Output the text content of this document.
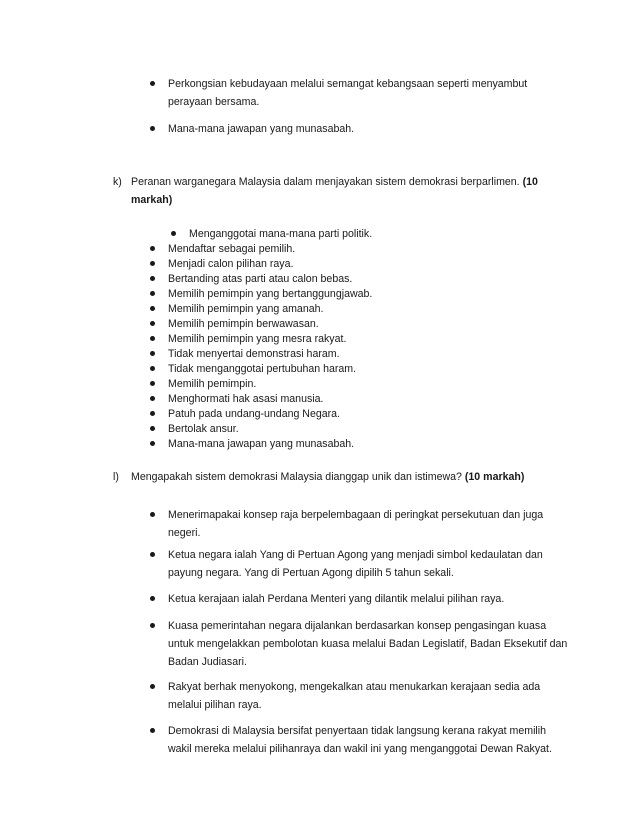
Perkongsian kebudayaan melalui semangat kebangsaan seperti menyambut
perayaan bersama.
Mana-mana jawapan yang munasabah.
k) Peranan warganegara Malaysia dalam menjayakan sistem demokrasi berparlimen. (10
markah)
Menganggotai mana-mana parti politik.
Mendaftar sebagai pemilih.
Menjadi calon pilihan raya.
Bertanding atas parti atau calon bebas.
Memilih pemimpin yang bertanggungjawab.
Memilih pemimpin yang amanah.
Memilih pemimpin berwawasan.
Memilih pemimpin yang mesra rakyat.
Tidak menyertai demonstrasi haram.
Tidak menganggotai pertubuhan haram.
Memilih pemimpin.
Menghormati hak asasi manusia.
Patuh pada undang-undang Negara.
Bertolak ansur.
Mana-mana jawapan yang munasabah.
l) Mengapakah sistem demokrasi Malaysia dianggap unik dan istimewa? (10 markah)
Menerimapakai konsep raja berpelembagaan di peringkat persekutuan dan juga
negeri.
Ketua negara ialah Yang di Pertuan Agong yang menjadi simbol kedaulatan dan
payung negara. Yang di Pertuan Agong dipilih 5 tahun sekali.
Ketua kerajaan ialah Perdana Menteri yang dilantik melalui pilihan raya.
Kuasa pemerintahan negara dijalankan berdasarkan konsep pengasingan kuasa
untuk mengelakkan pembolotan kuasa melalui Badan Legislatif, Badan Eksekutif dan
Badan Judiasari.
Rakyat berhak menyokong, mengekalkan atau menukarkan kerajaan sedia ada
melalui pilihan raya.
Demokrasi di Malaysia bersifat penyertaan tidak langsung kerana rakyat memilih
wakil mereka melalui pilihanraya dan wakil ini yang menganggotai Dewan Rakyat.
